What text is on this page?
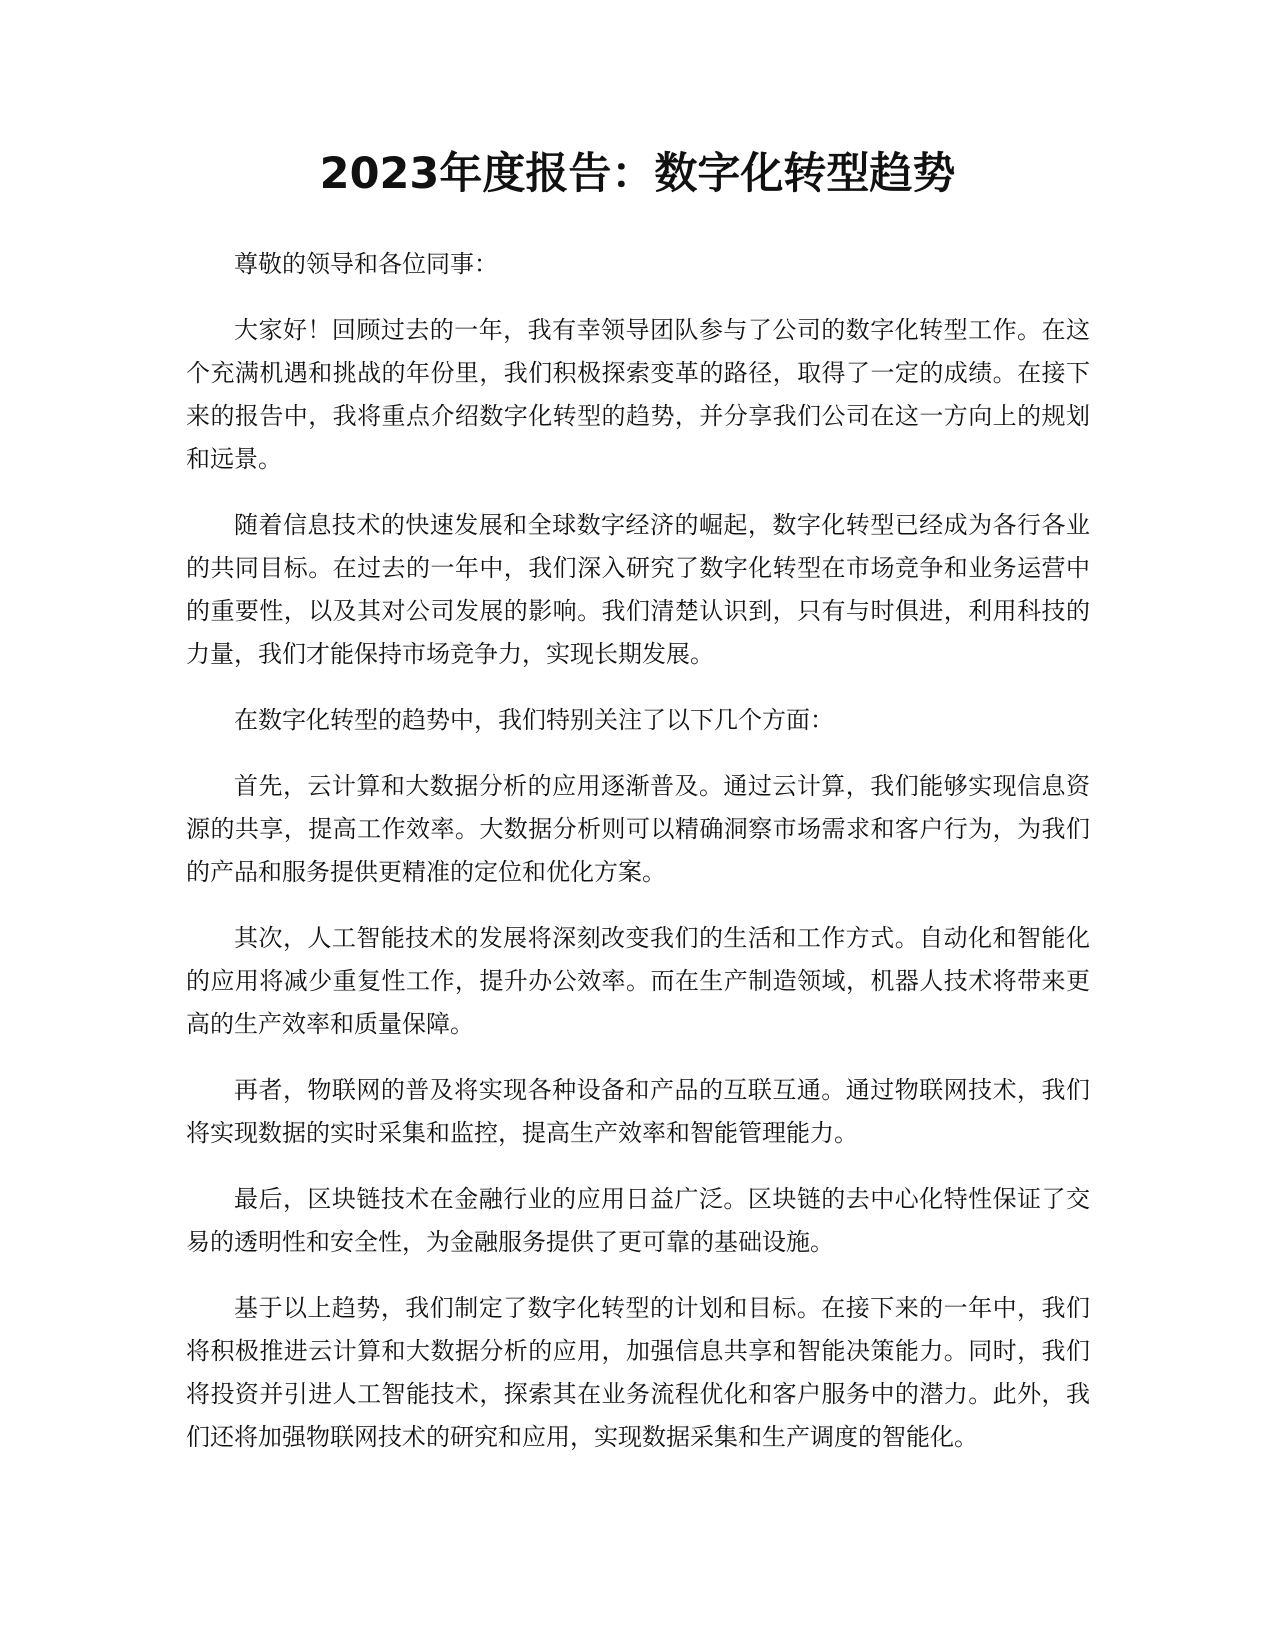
2023年度报告：数字化转型趋势

尊敬的领导和各位同事：

大家好！回顾过去的一年，我有幸领导团队参与了公司的数字化转型工作。在这个充满机遇和挑战的年份里，我们积极探索变革的路径，取得了一定的成绩。在接下来的报告中，我将重点介绍数字化转型的趋势，并分享我们公司在这一方向上的规划和远景。

随着信息技术的快速发展和全球数字经济的崛起，数字化转型已经成为各行各业的共同目标。在过去的一年中，我们深入研究了数字化转型在市场竞争和业务运营中的重要性，以及其对公司发展的影响。我们清楚认识到，只有与时俱进，利用科技的力量，我们才能保持市场竞争力，实现长期发展。

在数字化转型的趋势中，我们特别关注了以下几个方面：

首先，云计算和大数据分析的应用逐渐普及。通过云计算，我们能够实现信息资源的共享，提高工作效率。大数据分析则可以精确洞察市场需求和客户行为，为我们的产品和服务提供更精准的定位和优化方案。

其次，人工智能技术的发展将深刻改变我们的生活和工作方式。自动化和智能化的应用将减少重复性工作，提升办公效率。而在生产制造领域，机器人技术将带来更高的生产效率和质量保障。

再者，物联网的普及将实现各种设备和产品的互联互通。通过物联网技术，我们将实现数据的实时采集和监控，提高生产效率和智能管理能力。

最后，区块链技术在金融行业的应用日益广泛。区块链的去中心化特性保证了交易的透明性和安全性，为金融服务提供了更可靠的基础设施。

基于以上趋势，我们制定了数字化转型的计划和目标。在接下来的一年中，我们将积极推进云计算和大数据分析的应用，加强信息共享和智能决策能力。同时，我们将投资并引进人工智能技术，探索其在业务流程优化和客户服务中的潜力。此外，我们还将加强物联网技术的研究和应用，实现数据采集和生产调度的智能化。
